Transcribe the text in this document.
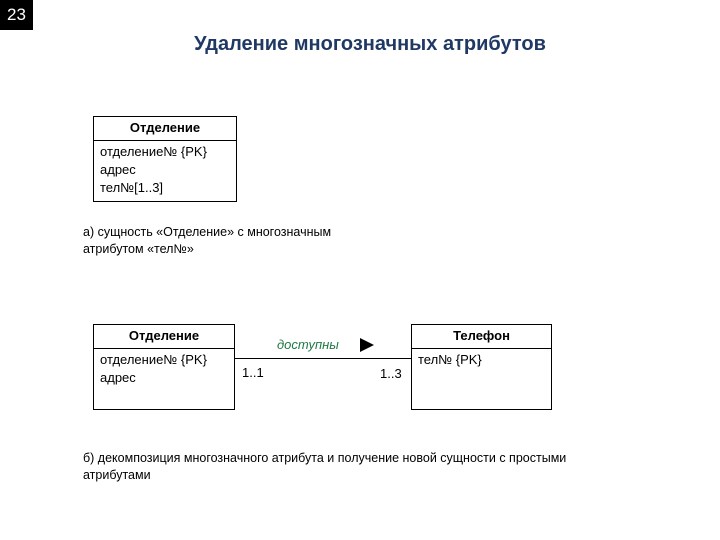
23
Удаление многозначных атрибутов
Отделение
отделение№ {PK}
адрес
тел№[1..3]
а) сущность «Отделение» с многозначным
атрибутом «тел№»
Отделение
отделение№ {PK}
адрес
Телефон
тел№ {PK}
доступны
1..1	1..3
б) декомпозиция многозначного атрибута и получение новой сущности с простыми
атрибутами
